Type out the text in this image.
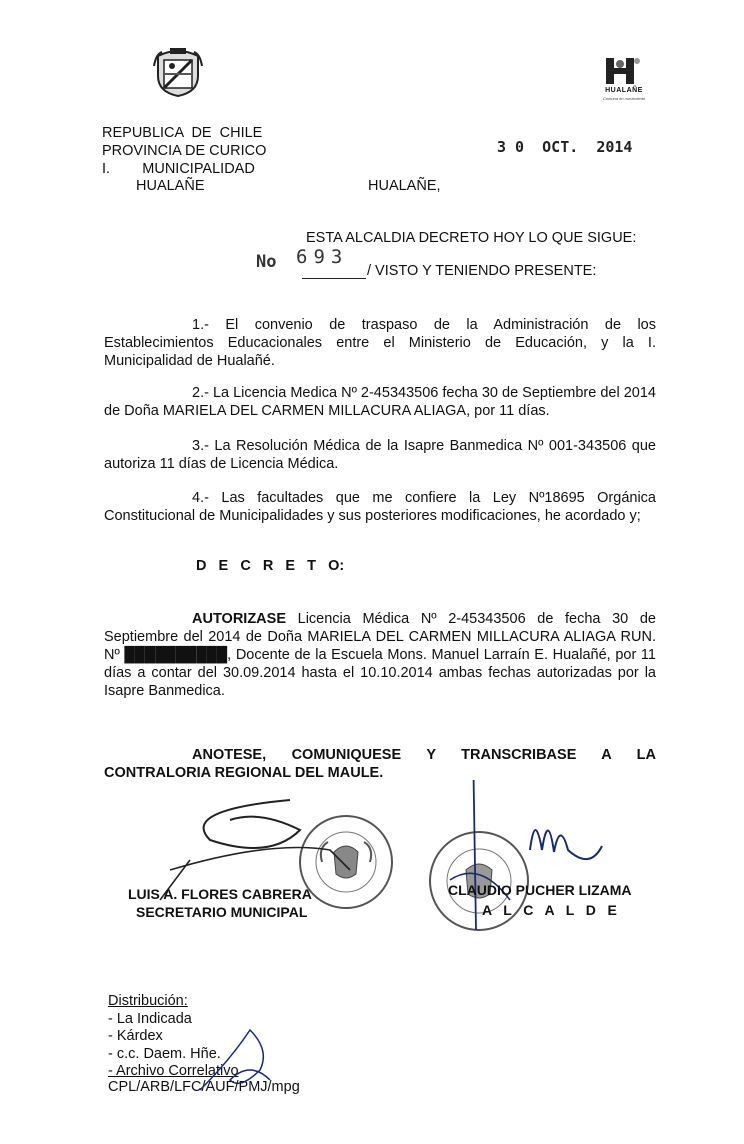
HUALAÑE
Comuna en movimiento
REPUBLICA  DE  CHILE
PROVINCIA DE CURICO
I.        MUNICIPALIDAD
HUALAÑE
3 0  OCT.  2014
HUALAÑE,
ESTA ALCALDIA DECRETO HOY LO QUE SIGUE:
No 693
/ VISTO Y TENIENDO PRESENTE:
1.- El convenio de traspaso de la Administración de los Establecimientos Educacionales entre el Ministerio de Educación, y la I. Municipalidad de Hualañé.
2.- La Licencia Medica Nº 2-45343506 fecha 30 de Septiembre del 2014 de Doña MARIELA DEL CARMEN MILLACURA ALIAGA, por 11 días.
3.- La Resolución Médica de la Isapre Banmedica Nº 001-343506 que autoriza 11 días de Licencia Médica.
4.- Las facultades que me confiere la Ley Nº18695 Orgánica Constitucional de Municipalidades y sus posteriores modificaciones, he acordado y;
D   E   C   R   E   T   O:
AUTORIZASE Licencia Médica Nº 2-45343506 de fecha 30 de Septiembre del 2014 de Doña MARIELA DEL CARMEN MILLACURA ALIAGA RUN. Nº ██████████, Docente de la Escuela Mons. Manuel Larraín E. Hualañé, por 11 días a contar del 30.09.2014 hasta el 10.10.2014 ambas fechas autorizadas por la Isapre Banmedica.
ANOTESE, COMUNIQUESE Y TRANSCRIBASE A LA CONTRALORIA REGIONAL DEL MAULE.
LUIS A. FLORES CABRERA
SECRETARIO MUNICIPAL
CLAUDIO PUCHER LIZAMA
A   L   C   A   L   D   E
Distribución:
- La Indicada
- Kárdex
- c.c. Daem. Hñe.
- Archivo Correlativo
CPL/ARB/LFC/AUF/PMJ/mpg
